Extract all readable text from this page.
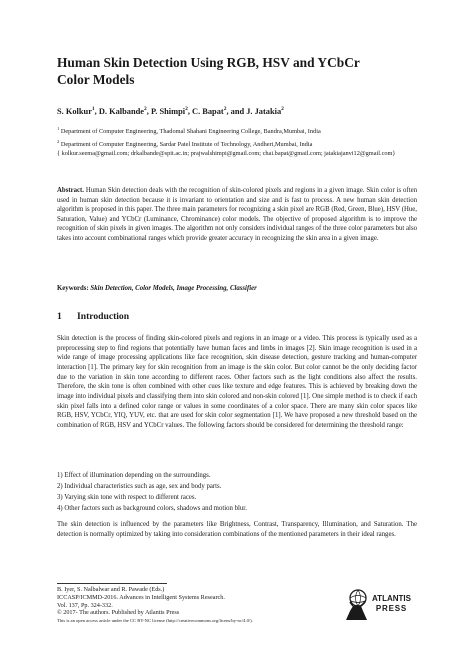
Human Skin Detection Using RGB, HSV and YCbCr Color Models
S. Kolkur$^1$, D. Kalbande$^2$, P. Shimpi$^2$, C. Bapat$^2$, and J. Jatakia$^2$
$^1$ Department of Computer Engineering, Thadomal Shahani Engineering College, Bandra,Mumbai, India
$^2$ Department of Computer Engineering, Sardar Patel Institute of Technology, Andheri,Mumbai, India
{ kolkur.seema@gmail.com; drkalbande@spit.ac.in; prajwalshimpi@gmail.com; chai.bapat@gmail.com; jatakiajanvi12@gmail.com}
Abstract. Human Skin detection deals with the recognition of skin-colored pixels and regions in a given image. Skin color is often used in human skin detection because it is invariant to orientation and size and is fast to process. A new human skin detection algorithm is proposed in this paper. The three main parameters for recognizing a skin pixel are RGB (Red, Green, Blue), HSV (Hue, Saturation, Value) and YCbCr (Luminance, Chrominance) color models. The objective of proposed algorithm is to improve the recognition of skin pixels in given images. The algorithm not only considers individual ranges of the three color parameters but also takes into account combinational ranges which provide greater accuracy in recognizing the skin area in a given image.
Keywords: Skin Detection, Color Models, Image Processing, Classifier
1 Introduction
Skin detection is the process of finding skin-colored pixels and regions in an image or a video. This process is typically used as a preprocessing step to find regions that potentially have human faces and limbs in images [2]. Skin image recognition is used in a wide range of image processing applications like face recognition, skin disease detection, gesture tracking and human-computer interaction [1]. The primary key for skin recognition from an image is the skin color. But color cannot be the only deciding factor due to the variation in skin tone according to different races. Other factors such as the light conditions also affect the results. Therefore, the skin tone is often combined with other cues like texture and edge features. This is achieved by breaking down the image into individual pixels and classifying them into skin colored and non-skin colored [1]. One simple method is to check if each skin pixel falls into a defined color range or values in some coordinates of a color space. There are many skin color spaces like RGB, HSV, YCbCr, YIQ, YUV, etc. that are used for skin color segmentation [1]. We have proposed a new threshold based on the combination of RGB, HSV and YCbCr values. The following factors should be considered for determining the threshold range:
1) Effect of illumination depending on the surroundings.
2) Individual characteristics such as age, sex and body parts.
3) Varying skin tone with respect to different races.
4) Other factors such as background colors, shadows and motion blur.
The skin detection is influenced by the parameters like Brightness, Contrast, Transparency, Illumination, and Saturation. The detection is normally optimized by taking into consideration combinations of the mentioned parameters in their ideal ranges.
B. Iyer, S. Nalbalwar and R. Pawade (Eds.)
ICCASP/ICMMD-2016. Advances in Intelligent Systems Research.
Vol. 137, Pp. 324-332.
© 2017- The authors. Published by Atlantis Press
This is an open access article under the CC BY-NC license (http://creativecommons.org/licens/by-nc/4.0/).
ATLANTIS
PRESS
